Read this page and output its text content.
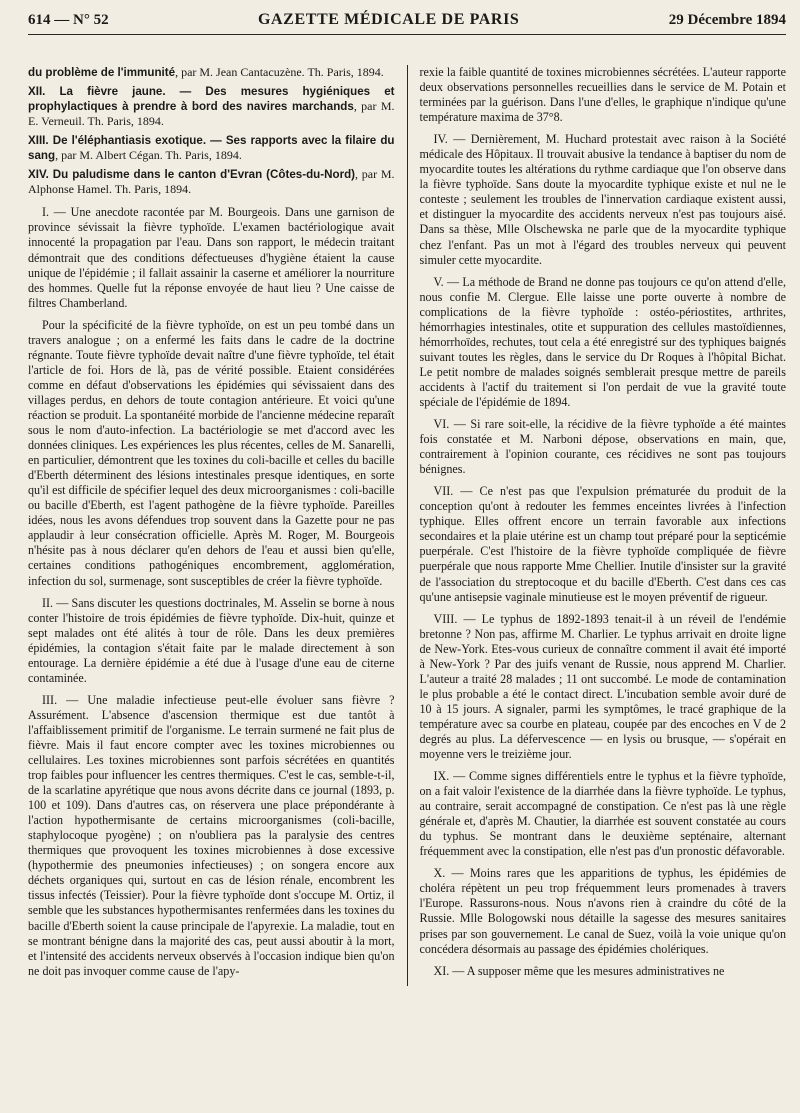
614 — N° 52	GAZETTE MÉDICALE DE PARIS	29 Décembre 1894
du problème de l'immunité, par M. Jean Cantacuzène. Th. Paris, 1894.
XII. La fièvre jaune. — Des mesures hygiéniques et prophylactiques à prendre à bord des navires marchands, par M. E. Verneuil. Th. Paris, 1894.
XIII. De l'éléphantiasis exotique. — Ses rapports avec la filaire du sang, par M. Albert Cégan. Th. Paris, 1894.
XIV. Du paludisme dans le canton d'Evran (Côtes-du-Nord), par M. Alphonse Hamel. Th. Paris, 1894.

I. — Une anecdote racontée par M. Bourgeois. Dans une garnison de province sévissait la fièvre typhoïde. L'examen bactériologique avait innocenté la propagation par l'eau. Dans son rapport, le médecin traitant démontrait que des conditions défectueuses d'hygiène étaient la cause unique de l'épidémie ; il fallait assainir la caserne et améliorer la nourriture des hommes. Quelle fut la réponse envoyée de haut lieu ? Une caisse de filtres Chamberland.

Pour la spécificité de la fièvre typhoïde, on est un peu tombé dans un travers analogue ; on a enfermé les faits dans le cadre de la doctrine régnante. Toute fièvre typhoïde devait naître d'une fièvre typhoïde, tel était l'article de foi. Hors de là, pas de vérité possible. Etaient considérées comme en défaut d'observations les épidémies qui sévissaient dans des villages perdus, en dehors de toute contagion antérieure. Et voici qu'une réaction se produit. La spontanéité morbide de l'ancienne médecine reparaît sous le nom d'auto-infection. La bactériologie se met d'accord avec les données cliniques. Les expériences les plus récentes, celles de M. Sanarelli, en particulier, démontrent que les toxines du coli-bacille et celles du bacille d'Eberth déterminent des lésions intestinales presque identiques, en sorte qu'il est difficile de spécifier lequel des deux microorganismes : coli-bacille ou bacille d'Eberth, est l'agent pathogène de la fièvre typhoïde. Pareilles idées, nous les avons défendues trop souvent dans la Gazette pour ne pas applaudir à leur consécration officielle. Après M. Roger, M. Bourgeois n'hésite pas à nous déclarer qu'en dehors de l'eau et aussi bien qu'elle, certaines conditions pathogéniques encombrement, agglomération, infection du sol, surmenage, sont susceptibles de créer la fièvre typhoïde.

II. — Sans discuter les questions doctrinales, M. Asselin se borne à nous conter l'histoire de trois épidémies de fièvre typhoïde. Dix-huit, quinze et sept malades ont été alités à tour de rôle. Dans les deux premières épidémies, la contagion s'était faite par le malade directement à son entourage. La dernière épidémie a été due à l'usage d'une eau de citerne contaminée.

III. — Une maladie infectieuse peut-elle évoluer sans fièvre ? Assurément. L'absence d'ascension thermique est due tantôt à l'affaiblissement primitif de l'organisme. Le terrain surmené ne fait plus de fièvre. Mais il faut encore compter avec les toxines microbiennes ou cellulaires. Les toxines microbiennes sont parfois sécrétées en quantités trop faibles pour influencer les centres thermiques. C'est le cas, semble-t-il, de la scarlatine apyrétique que nous avons décrite dans ce journal (1893, p. 100 et 109). Dans d'autres cas, on réservera une place prépondérante à l'action hypothermisante de certains microorganismes (coli-bacille, staphylocoque pyogène) ; on n'oubliera pas la paralysie des centres thermiques que provoquent les toxines microbiennes à dose excessive (hypothermie des pneumonies infectieuses) ; on songera encore aux déchets organiques qui, surtout en cas de lésion rénale, encombrent les tissus infectés (Teissier). Pour la fièvre typhoïde dont s'occupe M. Ortiz, il semble que les substances hypothermisantes renfermées dans les toxines du bacille d'Eberth soient la cause principale de l'apyrexie. La maladie, tout en se montrant bénigne dans la majorité des cas, peut aussi aboutir à la mort, et l'intensité des accidents nerveux observés à l'occasion indique bien qu'on ne doit pas invoquer comme cause de l'apy-

rexie la faible quantité de toxines microbiennes sécrétées. L'auteur rapporte deux observations personnelles recueillies dans le service de M. Potain et terminées par la guérison. Dans l'une d'elles, le graphique n'indique qu'une température maxima de 37°8.

IV. — Dernièrement, M. Huchard protestait avec raison à la Société médicale des Hôpitaux. Il trouvait abusive la tendance à baptiser du nom de myocardite toutes les altérations du rythme cardiaque que l'on observe dans la fièvre typhoïde. Sans doute la myocardite typhique existe et nul ne le conteste ; seulement les troubles de l'innervation cardiaque existent aussi, et distinguer la myocardite des accidents nerveux n'est pas toujours aisé. Dans sa thèse, Mlle Olschewska ne parle que de la myocardite typhique chez l'enfant. Pas un mot à l'égard des troubles nerveux qui peuvent simuler cette myocardite.

V. — La méthode de Brand ne donne pas toujours ce qu'on attend d'elle, nous confie M. Clergue. Elle laisse une porte ouverte à nombre de complications de la fièvre typhoïde : ostéo-périostites, arthrites, hémorrhagies intestinales, otite et suppuration des cellules mastoïdiennes, hémorrhoïdes, rechutes, tout cela a été enregistré sur des typhiques baignés suivant toutes les règles, dans le service du Dr Roques à l'hôpital Bichat. Le petit nombre de malades soignés semblerait presque mettre de pareils accidents à l'actif du traitement si l'on perdait de vue la gravité toute spéciale de l'épidémie de 1894.

VI. — Si rare soit-elle, la récidive de la fièvre typhoïde a été maintes fois constatée et M. Narboni dépose, observations en main, que, contrairement à l'opinion courante, ces récidives ne sont pas toujours bénignes.

VII. — Ce n'est pas que l'expulsion prématurée du produit de la conception qu'ont à redouter les femmes enceintes livrées à l'infection typhique. Elles offrent encore un terrain favorable aux infections secondaires et la plaie utérine est un champ tout préparé pour la septicémie puerpérale. C'est l'histoire de la fièvre typhoïde compliquée de fièvre puerpérale que nous rapporte Mme Chellier. Inutile d'insister sur la gravité de l'association du streptocoque et du bacille d'Eberth. C'est dans ces cas qu'une antisepsie vaginale minutieuse est le moyen préventif de rigueur.

VIII. — Le typhus de 1892-1893 tenait-il à un réveil de l'endémie bretonne ? Non pas, affirme M. Charlier. Le typhus arrivait en droite ligne de New-York. Etes-vous curieux de connaître comment il avait été importé à New-York ? Par des juifs venant de Russie, nous apprend M. Charlier. L'auteur a traité 28 malades ; 11 ont succombé. Le mode de contamination le plus probable a été le contact direct. L'incubation semble avoir duré de 10 à 15 jours. A signaler, parmi les symptômes, le tracé graphique de la température avec sa courbe en plateau, coupée par des encoches en V de 2 degrés au plus. La défervescence — en lysis ou brusque, — s'opérait en moyenne vers le treizième jour.

IX. — Comme signes différentiels entre le typhus et la fièvre typhoïde, on a fait valoir l'existence de la diarrhée dans la fièvre typhoïde. Le typhus, au contraire, serait accompagné de constipation. Ce n'est pas là une règle générale et, d'après M. Chautier, la diarrhée est souvent constatée au cours du typhus. Se montrant dans le deuxième septénaire, alternant fréquemment avec la constipation, elle n'est pas d'un pronostic défavorable.

X. — Moins rares que les apparitions de typhus, les épidémies de choléra répètent un peu trop fréquemment leurs promenades à travers l'Europe. Rassurons-nous. Nous n'avons rien à craindre du côté de la Russie. Mlle Bologowski nous détaille la sagesse des mesures sanitaires prises par son gouvernement. Le canal de Suez, voilà la voie unique qu'on concédera désormais au passage des épidémies cholériques.

XI. — A supposer même que les mesures administratives ne
